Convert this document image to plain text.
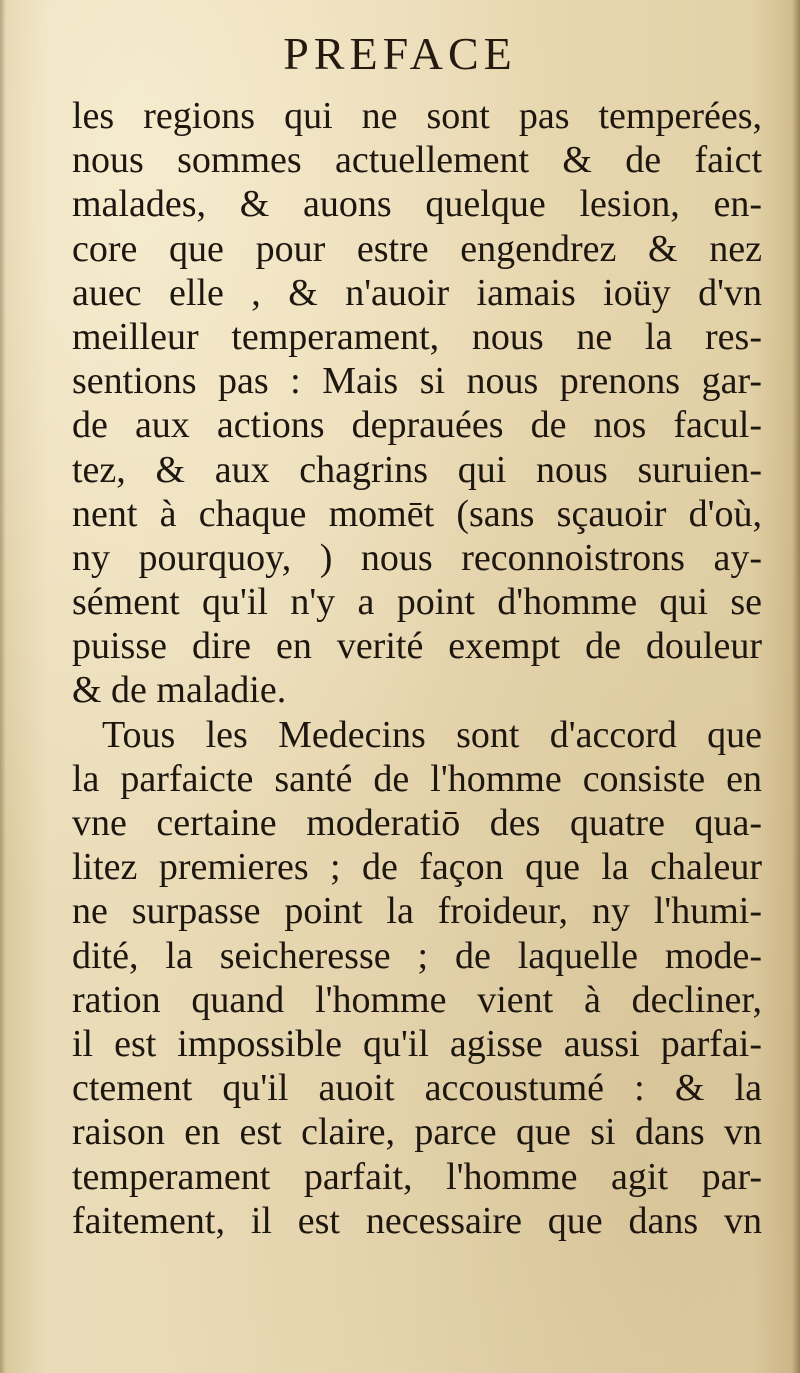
PREFACE
les regions qui ne sont pas temperées,
nous sommes actuellement & de faict
malades, & auons quelque lesion, en-
core que pour estre engendrez & nez
auec elle , & n'auoir iamais ioüy d'vn
meilleur temperament, nous ne la res-
sentions pas : Mais si nous prenons gar-
de aux actions deprauées de nos facul-
tez, & aux chagrins qui nous suruien-
nent à chaque momēt (sans sçauoir d'où,
ny pourquoy, ) nous reconnoistrons ay-
sément qu'il n'y a point d'homme qui se
puisse dire en verité exempt de douleur
& de maladie.
Tous les Medecins sont d'accord que
la parfaicte santé de l'homme consiste en
vne certaine moderatiō des quatre qua-
litez premieres ; de façon que la chaleur
ne surpasse point la froideur, ny l'humi-
dité, la seicheresse ; de laquelle mode-
ration quand l'homme vient à decliner,
il est impossible qu'il agisse aussi parfai-
ctement qu'il auoit accoustumé : & la
raison en est claire, parce que si dans vn
temperament parfait, l'homme agit par-
faitement, il est necessaire que dans vn
